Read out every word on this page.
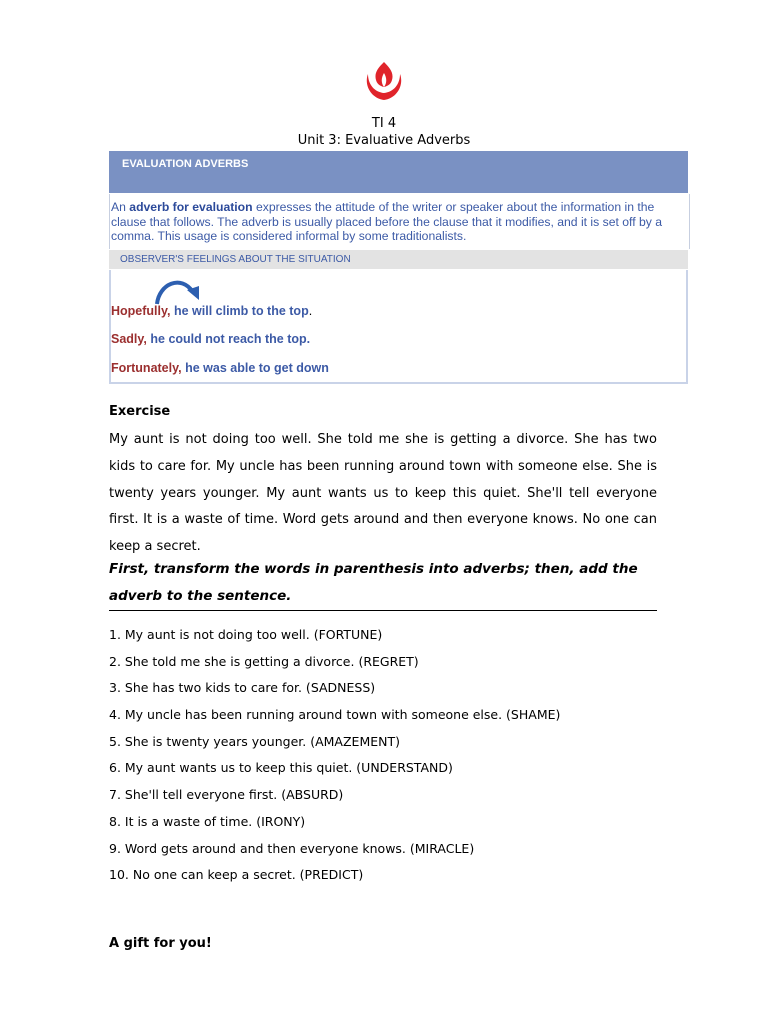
TI 4
Unit 3: Evaluative Adverbs
EVALUATION ADVERBS

An adverb for evaluation expresses the attitude of the writer or speaker about the information in the clause that follows. The adverb is usually placed before the clause that it modifies, and it is set off by a comma. This usage is considered informal by some traditionalists.

OBSERVER'S FEELINGS ABOUT THE SITUATION
Hopefully, he will climb to the top.
Sadly, he could not reach the top.
Fortunately, he was able to get down
Exercise

My aunt is not doing too well. She told me she is getting a divorce. She has two kids to care for. My uncle has been running around town with someone else. She is twenty years younger. My aunt wants us to keep this quiet. She'll tell everyone first. It is a waste of time. Word gets around and then everyone knows. No one can keep a secret.

First, transform the words in parenthesis into adverbs; then, add the adverb to the sentence.
1. My aunt is not doing too well. (FORTUNE)
2. She told me she is getting a divorce. (REGRET)
3. She has two kids to care for. (SADNESS)
4. My uncle has been running around town with someone else. (SHAME)
5. She is twenty years younger. (AMAZEMENT)
6. My aunt wants us to keep this quiet. (UNDERSTAND)
7. She'll tell everyone first. (ABSURD)
8. It is a waste of time. (IRONY)
9. Word gets around and then everyone knows. (MIRACLE)
10. No one can keep a secret. (PREDICT)
A gift for you!
